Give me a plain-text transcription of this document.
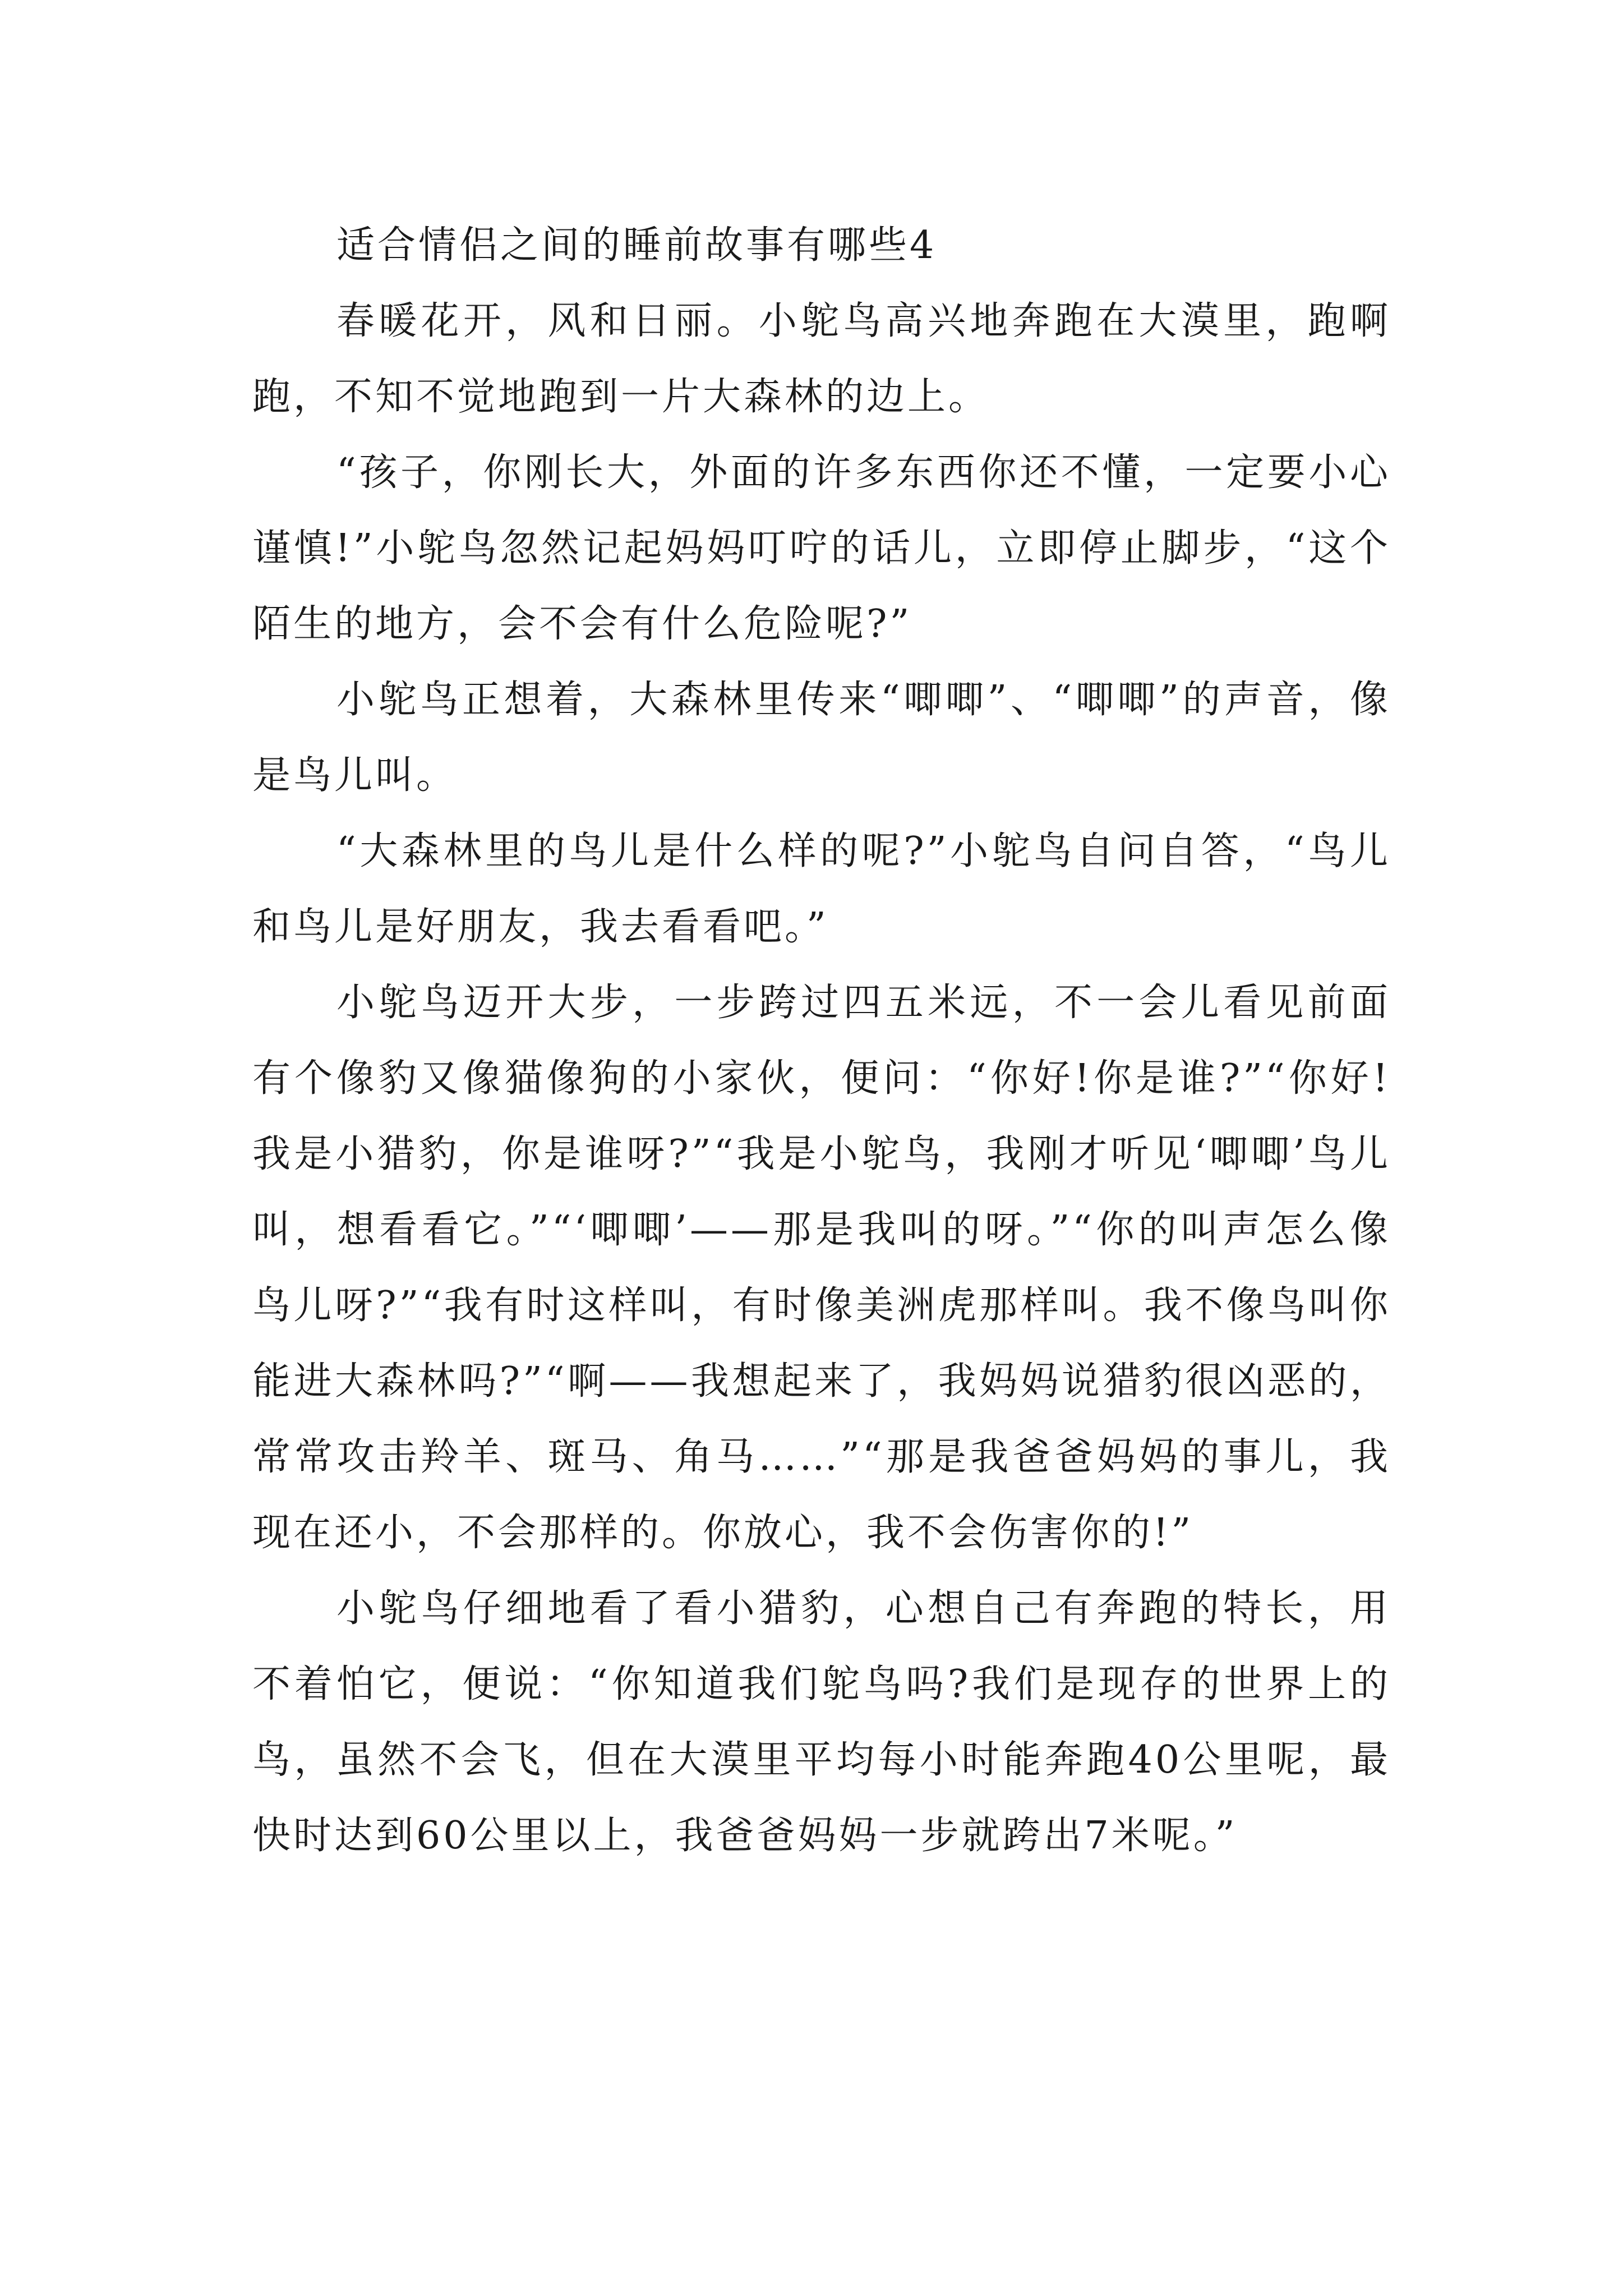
适合情侣之间的睡前故事有哪些4

春暖花开，风和日丽。小鸵鸟高兴地奔跑在大漠里，跑啊跑，不知不觉地跑到一片大森林的边上。

“孩子，你刚长大，外面的许多东西你还不懂，一定要小心谨慎!”小鸵鸟忽然记起妈妈叮咛的话儿，立即停止脚步，“这个陌生的地方，会不会有什么危险呢?”

小鸵鸟正想着，大森林里传来“唧唧”、“唧唧”的声音，像是鸟儿叫。

“大森林里的鸟儿是什么样的呢?”小鸵鸟自问自答，“鸟儿和鸟儿是好朋友，我去看看吧。”

小鸵鸟迈开大步，一步跨过四五米远，不一会儿看见前面有个像豹又像猫像狗的小家伙，便问：“你好!你是谁?”“你好!我是小猎豹，你是谁呀?”“我是小鸵鸟，我刚才听见‘唧唧’鸟儿叫，想看看它。”“‘唧唧’——那是我叫的呀。”“你的叫声怎么像鸟儿呀?”“我有时这样叫，有时像美洲虎那样叫。我不像鸟叫你能进大森林吗?”“啊——我想起来了，我妈妈说猎豹很凶恶的，常常攻击羚羊、斑马、角马……”“那是我爸爸妈妈的事儿，我现在还小，不会那样的。你放心，我不会伤害你的!”

小鸵鸟仔细地看了看小猎豹，心想自己有奔跑的特长，用不着怕它，便说：“你知道我们鸵鸟吗?我们是现存的世界上的鸟，虽然不会飞，但在大漠里平均每小时能奔跑40公里呢，最快时达到60公里以上，我爸爸妈妈一步就跨出7米呢。”
